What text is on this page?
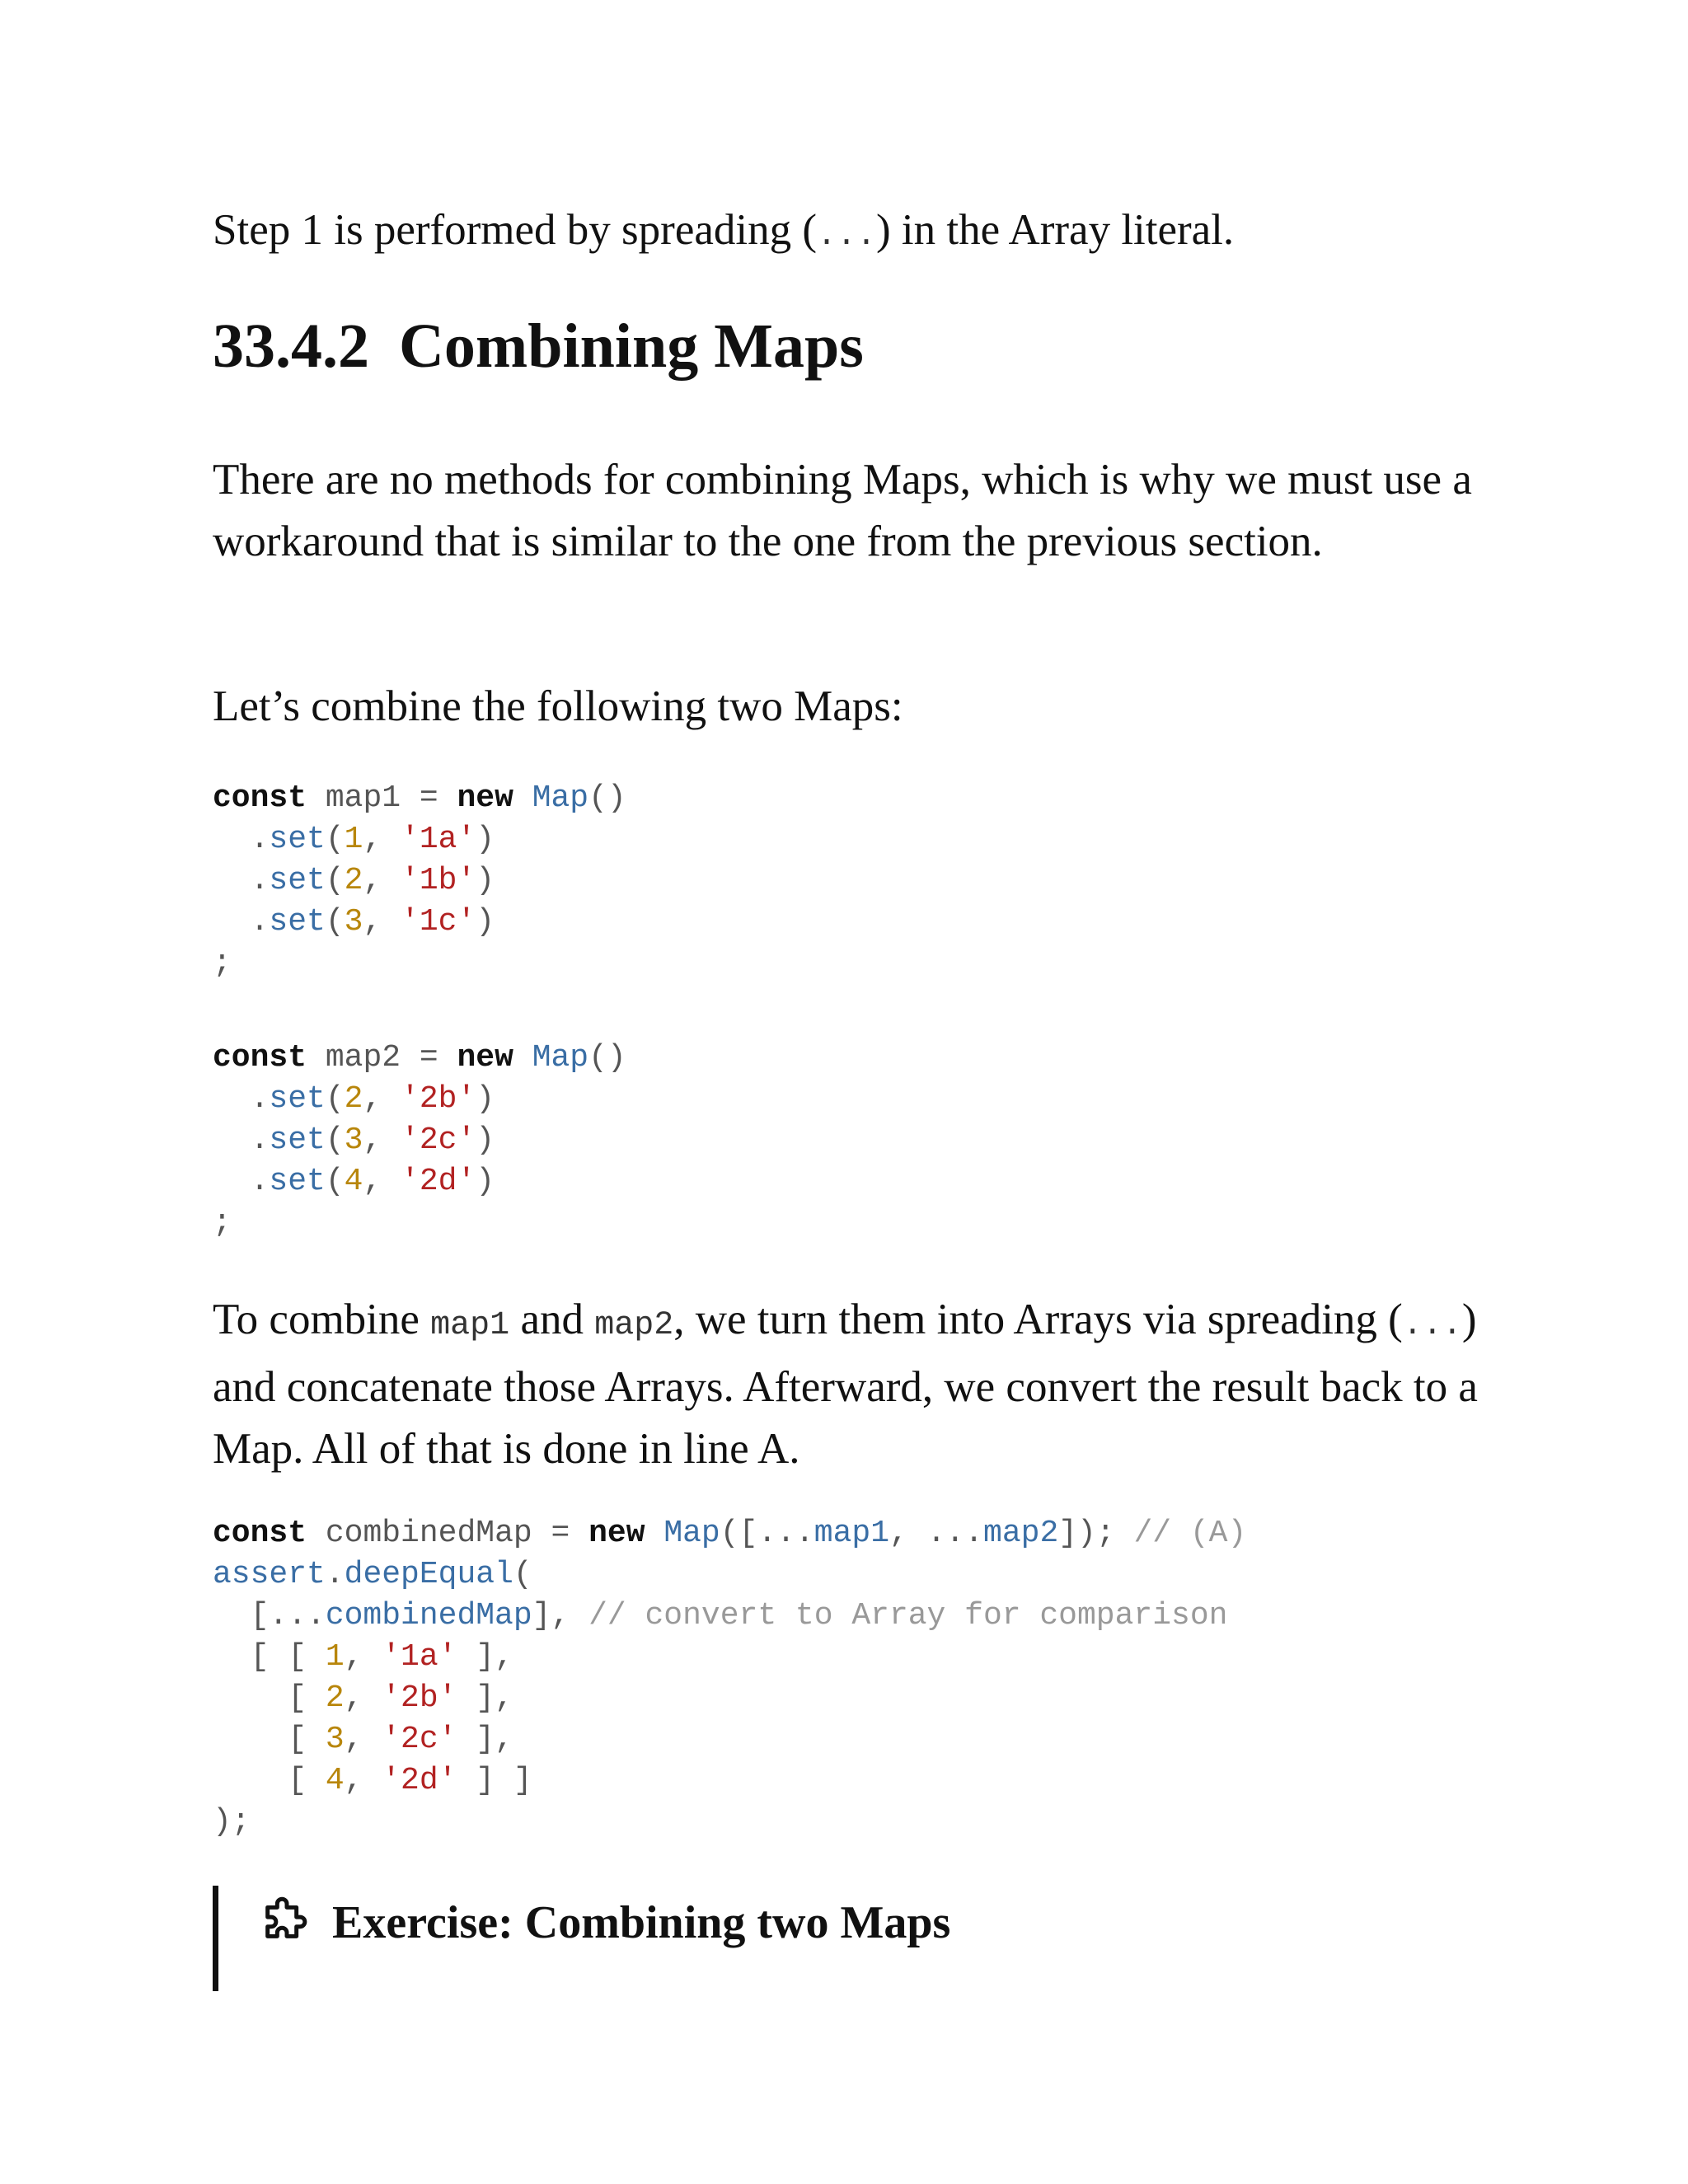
Step 1 is performed by spreading (...) in the Array literal.

33.4.2 Combining Maps

There are no methods for combining Maps, which is why we must use a workaround that is similar to the one from the previous section.

Let’s combine the following two Maps:

const map1 = new Map()
.set(1, '1a')
.set(2, '1b')
.set(3, '1c')
;
const map2 = new Map()
.set(2, '2b')
.set(3, '2c')
.set(4, '2d')
;

To combine map1 and map2, we turn them into Arrays via spreading (...) and concatenate those Arrays. Afterward, we convert the result back to a Map. All of that is done in line A.

const combinedMap = new Map([...map1, ...map2]); // (A)
assert.deepEqual(
[...combinedMap], // convert to Array for comparison
[ [ 1, '1a' ],
[ 2, '2b' ],
[ 3, '2c' ],
[ 4, '2d' ] ]
);
Exercise: Combining two Maps
